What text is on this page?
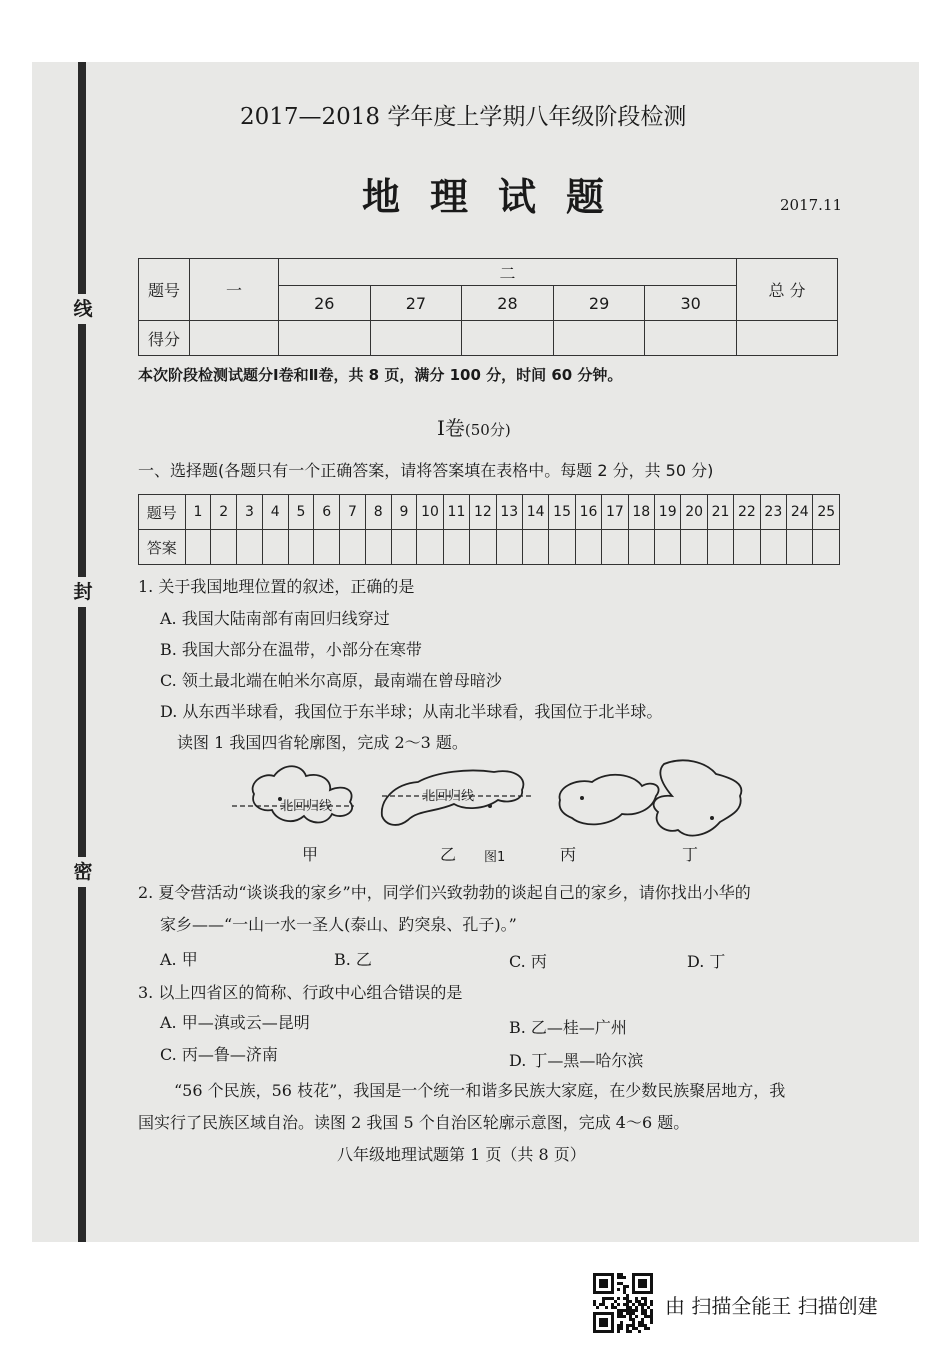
线
封
密
2017—2018 学年度上学期八年级阶段检测
地理试题	2017.11
题号	一	二					总 分
		26	27	28	29	30	
得分							
本次阶段检测试题分Ⅰ卷和Ⅱ卷，共 8 页，满分 100 分，时间 60 分钟。
Ⅰ卷(50分)
一、选择题(各题只有一个正确答案，请将答案填在表格中。每题 2 分，共 50 分)
题号	1	2	3	4	5	6	7	8	9	10	11	12	13	14	15	16	17	18	19	20	21	22	23	24	25
答案																									
1. 关于我国地理位置的叙述，正确的是
A. 我国大陆南部有南回归线穿过
B. 我国大部分在温带，小部分在寒带
C. 领土最北端在帕米尔高原，最南端在曾母暗沙
D. 从东西半球看，我国位于东半球；从南北半球看，我国位于北半球。
读图 1 我国四省轮廓图，完成 2～3 题。
北回归线
北回归线
甲	乙 图1	丙	丁
2. 夏令营活动“谈谈我的家乡”中，同学们兴致勃勃的谈起自己的家乡，请你找出小华的
家乡——“一山一水一圣人(泰山、趵突泉、孔子)。”
A. 甲	B. 乙	C. 丙	D. 丁
3. 以上四省区的简称、行政中心组合错误的是
A. 甲—滇或云—昆明	B. 乙—桂—广州
C. 丙—鲁—济南	D. 丁—黑—哈尔滨
“56 个民族，56 枝花”，我国是一个统一和谐多民族大家庭，在少数民族聚居地方，我
国实行了民族区域自治。读图 2 我国 5 个自治区轮廓示意图，完成 4～6 题。
八年级地理试题第 1 页（共 8 页）
由 扫描全能王 扫描创建
